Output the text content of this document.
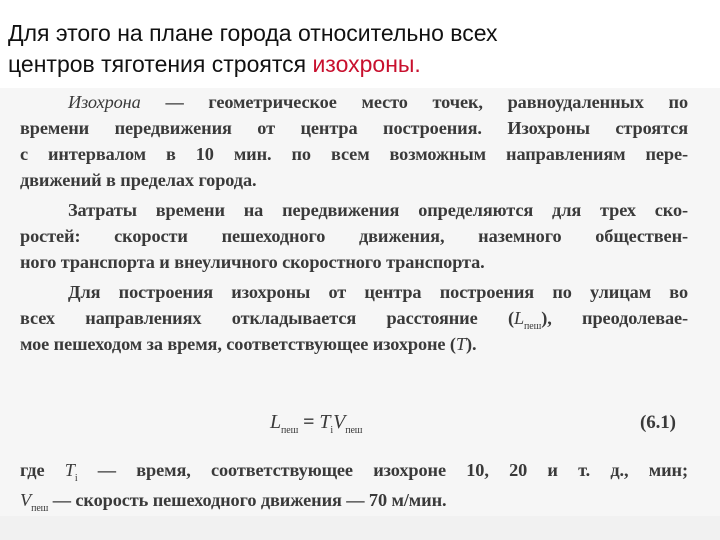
Для этого на плане города относительно всех
центров тяготения строятся изохроны.
Изохрона — геометрическое место точек, равноудаленных по
времени передвижения от центра построения. Изохроны строятся
с интервалом в 10 мин. по всем возможным направлениям пере-
движений в пределах города.
Затраты времени на передвижения определяются для трех ско-
ростей: скорости пешеходного движения, наземного обществен-
ного транспорта и внеуличного скоростного транспорта.
Для построения изохроны от центра построения по улицам во
всех направлениях откладывается расстояние $(L_{пеш})$, преодолевае-
мое пешеходом за время, соответствующее изохроне (T).
$L_{пеш} = T_iV_{пеш}$	(6.1)
где $T_i$ — время, соответствующее изохроне 10, 20 и т. д., мин;
$V_{пеш}$ — скорость пешеходного движения — 70 м/мин.
